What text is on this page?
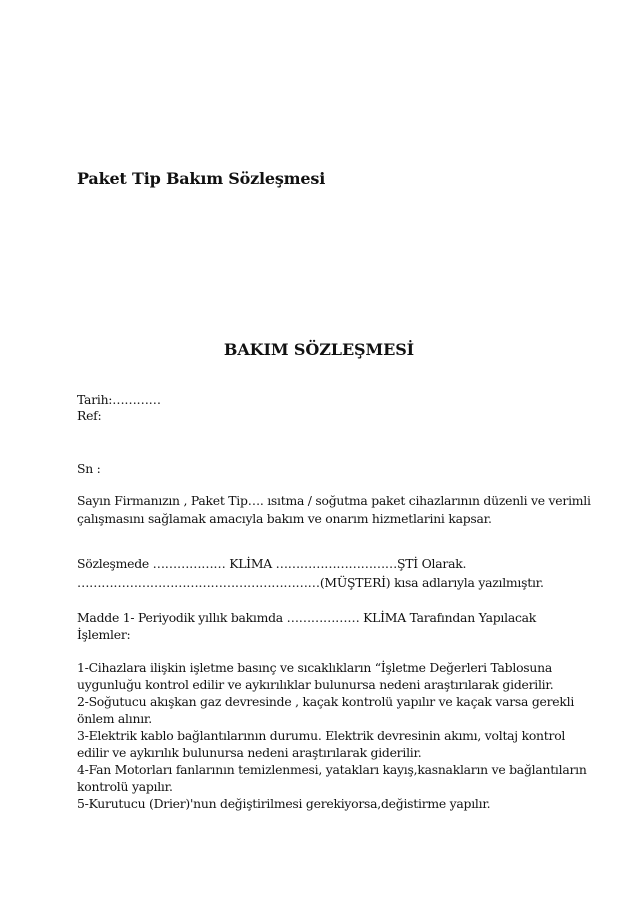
Paket Tip Bakım Sözleşmesi
BAKIM SÖZLEŞMESİ
Tarih:…………
Ref:
Sn :
Sayın Firmanızın , Paket Tip…. ısıtma / soğutma paket cihazlarının düzenli ve verimli
çalışmasını sağlamak amacıyla bakım ve onarım hizmetlarini kapsar.
Sözleşmede ……………… KLİMA …………………………ŞTİ Olarak.
……………………………………………………(MÜŞTERİ) kısa adlarıyla yazılmıştır.
Madde 1- Periyodik yıllık bakımda ……………… KLİMA Tarafından Yapılacak
İşlemler:
1-Cihazlara ilişkin işletme basınç ve sıcaklıkların “İşletme Değerleri Tablosuna
uygunluğu kontrol edilir ve aykırılıklar bulunursa nedeni araştırılarak giderilir.
2-Soğutucu akışkan gaz devresinde , kaçak kontrolü yapılır ve kaçak varsa gerekli
önlem alınır.
3-Elektrik kablo bağlantılarının durumu. Elektrik devresinin akımı, voltaj kontrol
edilir ve aykırılık bulunursa nedeni araştırılarak giderilir.
4-Fan Motorları fanlarının temizlenmesi, yatakları kayış,kasnakların ve bağlantıların
kontrolü yapılır.
5-Kurutucu (Drier)'nun değiştirilmesi gerekiyorsa,değistirme yapılır.
